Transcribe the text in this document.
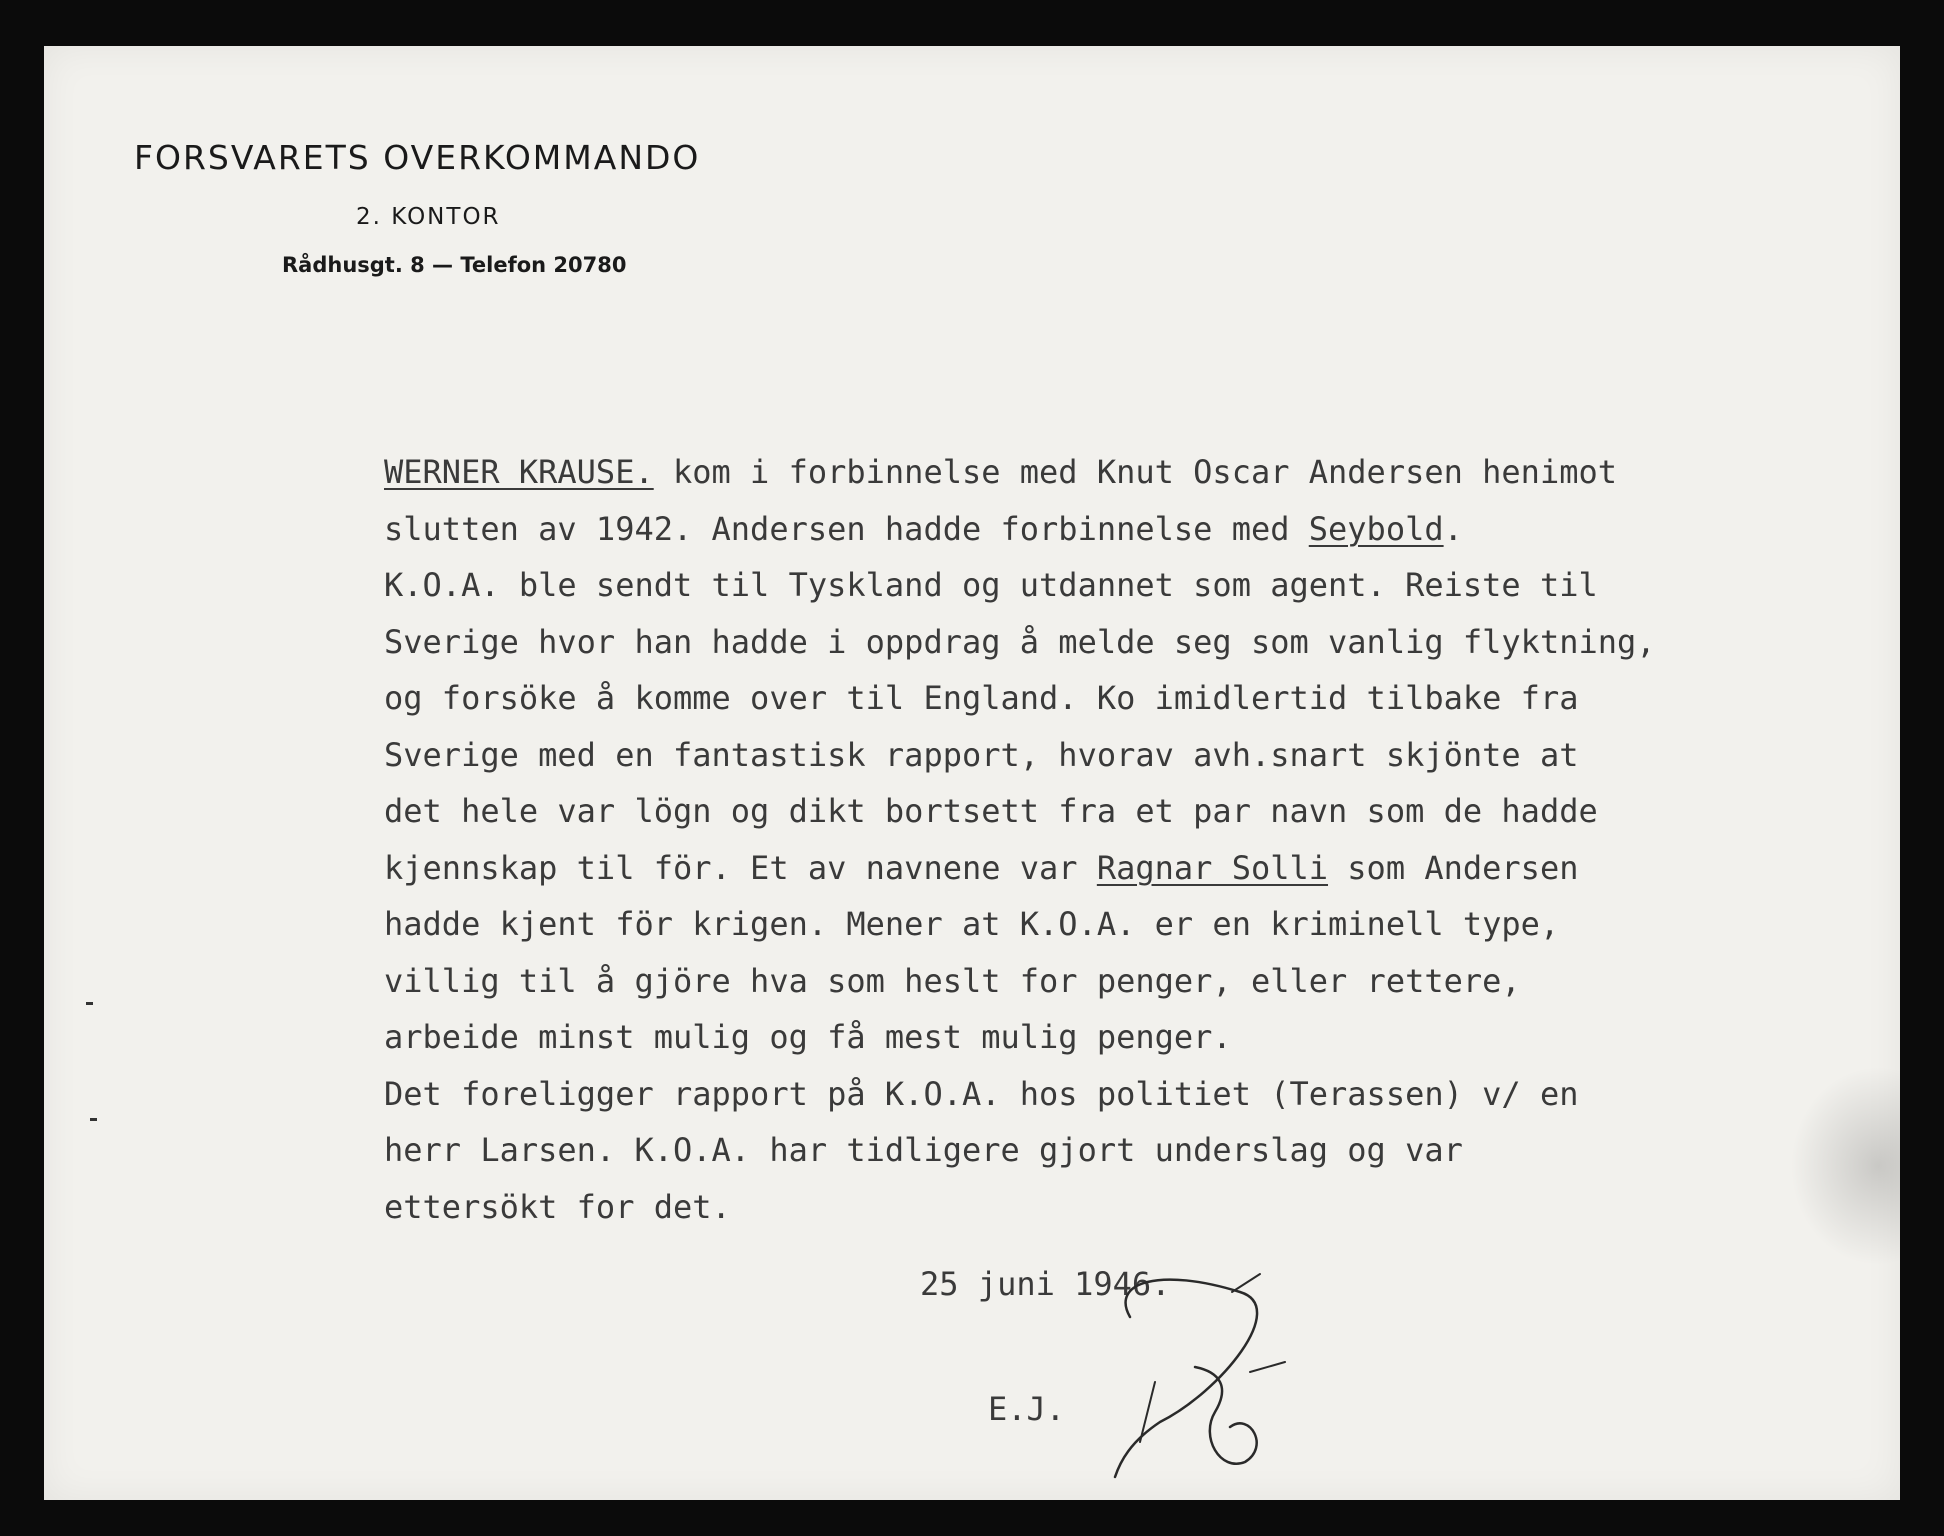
FORSVARETS OVERKOMMANDO
2. KONTOR
Rådhusgt. 8 — Telefon 20780
WERNER KRAUSE. kom i forbinnelse med Knut Oscar Andersen henimot
slutten av 1942. Andersen hadde forbinnelse med Seybold.
K.O.A. ble sendt til Tyskland og utdannet som agent. Reiste til
Sverige hvor han hadde i oppdrag å melde seg som vanlig flyktning,
og forsöke å komme over til England. Ko imidlertid tilbake fra
Sverige med en fantastisk rapport, hvorav avh.snart skjönte at
det hele var lögn og dikt bortsett fra et par navn som de hadde
kjennskap til för. Et av navnene var Ragnar Solli som Andersen
hadde kjent för krigen. Mener at K.O.A. er en kriminell type,
villig til å gjöre hva som heslt for penger, eller rettere,
arbeide minst mulig og få mest mulig penger.
Det foreligger rapport på K.O.A. hos politiet (Terassen) v/ en
herr Larsen. K.O.A. har tidligere gjort underslag og var
ettersökt for det.
25 juni 1946.
E.J.
